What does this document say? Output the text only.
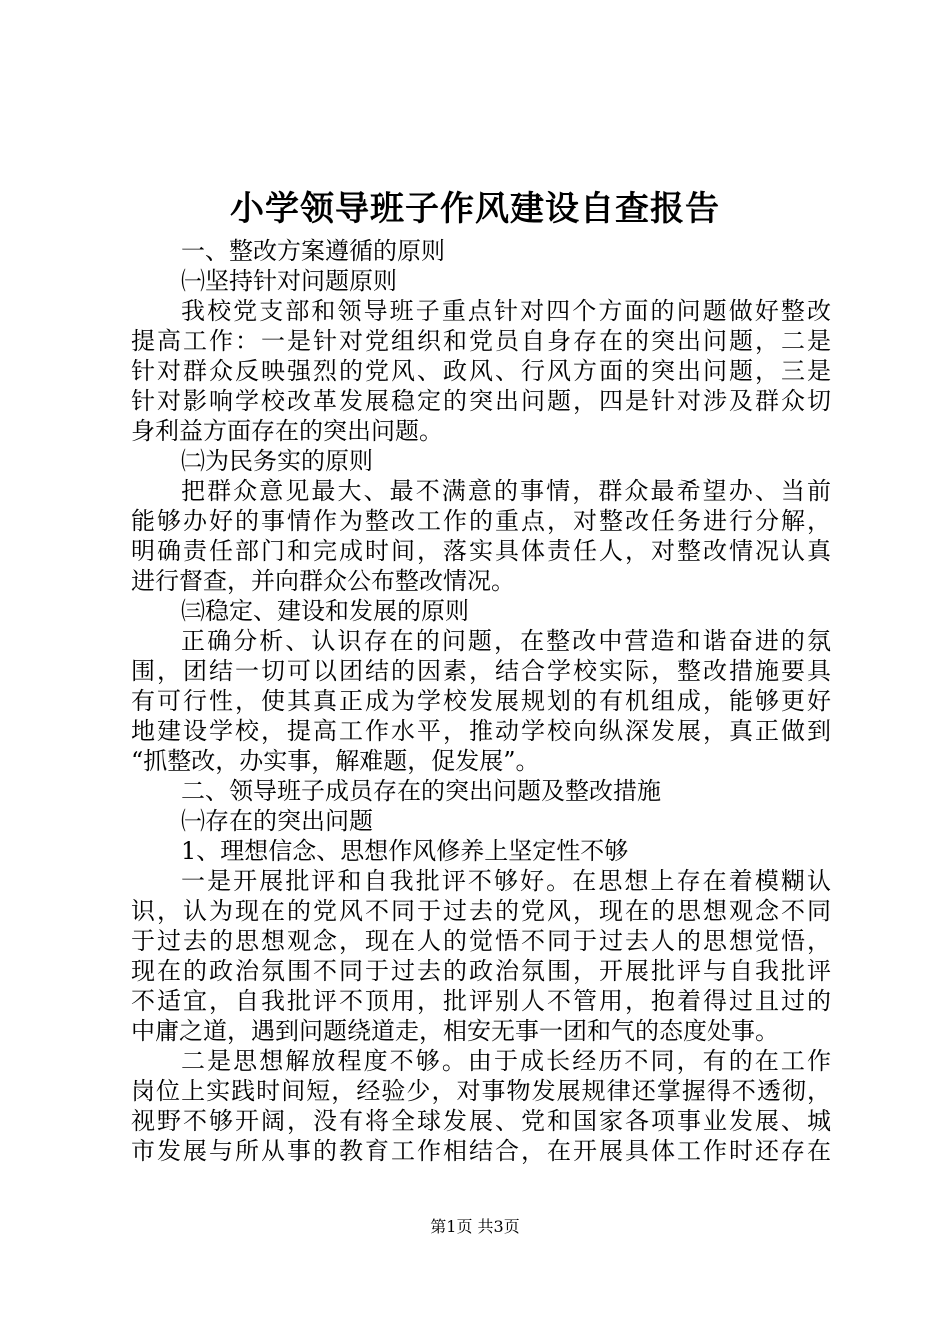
小学领导班子作风建设自查报告
一、整改方案遵循的原则
㈠坚持针对问题原则
我校党支部和领导班子重点针对四个方面的问题做好整改
提高工作：一是针对党组织和党员自身存在的突出问题，二是
针对群众反映强烈的党风、政风、行风方面的突出问题，三是
针对影响学校改革发展稳定的突出问题，四是针对涉及群众切
身利益方面存在的突出问题。
㈡为民务实的原则
把群众意见最大、最不满意的事情，群众最希望办、当前
能够办好的事情作为整改工作的重点，对整改任务进行分解，
明确责任部门和完成时间，落实具体责任人，对整改情况认真
进行督查，并向群众公布整改情况。
㈢稳定、建设和发展的原则
正确分析、认识存在的问题，在整改中营造和谐奋进的氛
围，团结一切可以团结的因素，结合学校实际，整改措施要具
有可行性，使其真正成为学校发展规划的有机组成，能够更好
地建设学校，提高工作水平，推动学校向纵深发展，真正做到
“抓整改，办实事，解难题，促发展”。
二、领导班子成员存在的突出问题及整改措施
㈠存在的突出问题
1、理想信念、思想作风修养上坚定性不够
一是开展批评和自我批评不够好。在思想上存在着模糊认
识，认为现在的党风不同于过去的党风，现在的思想观念不同
于过去的思想观念，现在人的觉悟不同于过去人的思想觉悟，
现在的政治氛围不同于过去的政治氛围，开展批评与自我批评
不适宜，自我批评不顶用，批评别人不管用，抱着得过且过的
中庸之道，遇到问题绕道走，相安无事一团和气的态度处事。
二是思想解放程度不够。由于成长经历不同，有的在工作
岗位上实践时间短，经验少，对事物发展规律还掌握得不透彻，
视野不够开阔，没有将全球发展、党和国家各项事业发展、城
市发展与所从事的教育工作相结合，在开展具体工作时还存在
第1页 共3页
